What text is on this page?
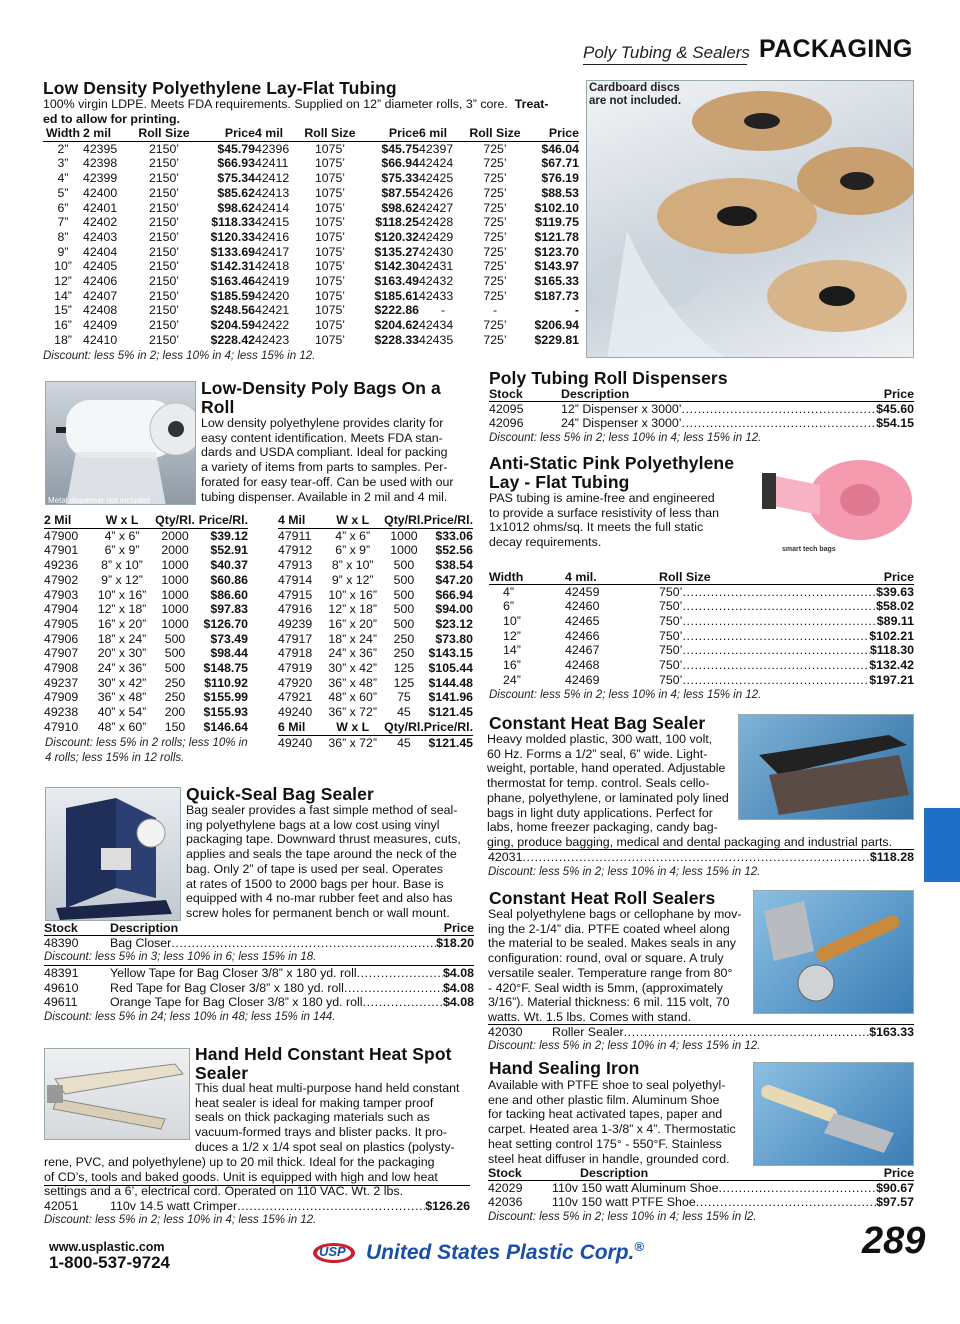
Poly Tubing & Sealers PACKAGING
Low Density Polyethylene Lay-Flat Tubing
100% virgin LDPE. Meets FDA requirements. Supplied on 12” diameter rolls, 3” core. Treat-
ed to allow for printing.
Width	2 mil	Roll Size	Price	4 mil	Roll Size	Price	6 mil	Roll Size	Price
2”	42395	2150’	$45.79	42396	1075’	$45.75	42397	725’	$46.04
3”	42398	2150’	$66.93	42411	1075’	$66.94	42424	725’	$67.71
4”	42399	2150’	$75.34	42412	1075’	$75.33	42425	725’	$76.19
5”	42400	2150’	$85.62	42413	1075’	$87.55	42426	725’	$88.53
6”	42401	2150’	$98.62	42414	1075’	$98.62	42427	725’	$102.10
7”	42402	2150’	$118.33	42415	1075’	$118.25	42428	725’	$119.75
8”	42403	2150’	$120.33	42416	1075’	$120.32	42429	725’	$121.78
9”	42404	2150’	$133.69	42417	1075’	$135.27	42430	725’	$123.70
10”	42405	2150’	$142.31	42418	1075’	$142.30	42431	725’	$143.97
12”	42406	2150’	$163.46	42419	1075’	$163.49	42432	725’	$165.33
14”	42407	2150’	$185.59	42420	1075’	$185.61	42433	725’	$187.73
15”	42408	2150’	$248.56	42421	1075’	$222.86	-	-	-
16”	42409	2150’	$204.59	42422	1075’	$204.62	42434	725’	$206.94
18”	42410	2150’	$228.42	42423	1075’	$228.33	42435	725’	$229.81
Discount: less 5% in 2; less 10% in 4; less 15% in 12.
Cardboard discs are not included.
Metal dispenser not included
Low-Density Poly Bags On a Roll
Low density polyethylene provides clarity for
easy content identification. Meets FDA stan-
dards and USDA compliant. Ideal for packing
a variety of items from parts to samples. Per-
forated for easy tear-off. Can be used with our
tubing dispenser. Available in 2 mil and 4 mil.
2 Mil	W x L	Qty/Rl.	Price/Rl.
47900	4” x 6”	2000	$39.12
47901	6” x 9”	2000	$52.91
49236	8” x 10”	1000	$40.37
47902	9” x 12”	1000	$60.86
47903	10” x 16”	1000	$86.60
47904	12” x 18”	1000	$97.83
47905	16” x 20”	1000	$126.70
47906	18” x 24”	500	$73.49
47907	20” x 30”	500	$98.44
47908	24” x 36”	500	$148.75
49237	30” x 42”	250	$110.92
47909	36” x 48”	250	$155.99
49238	40” x 54”	200	$155.93
47910	48” x 60”	150	$146.64
4 Mil	W x L	Qty/Rl.	Price/Rl.
47911	4” x 6”	1000	$33.06
47912	6” x 9”	1000	$52.56
47913	8” x 10”	500	$38.54
47914	9” x 12”	500	$47.20
47915	10” x 16”	500	$66.94
47916	12” x 18”	500	$94.00
49239	16” x 20”	500	$23.12
47917	18” x 24”	250	$73.80
47918	24” x 36”	250	$143.15
47919	30” x 42”	125	$105.44
47920	36” x 48”	125	$144.48
47921	48” x 60”	75	$141.96
49240	36” x 72”	45	$121.45
6 Mil	W x L	Qty/Rl.	Price/Rl.
49240	36” x 72”	45	$121.45
Discount: less 5% in 2 rolls; less 10% in
4 rolls; less 15% in 12 rolls.
Quick-Seal Bag Sealer
Bag sealer provides a fast simple method of seal-
ing polyethylene bags at a low cost using vinyl
packaging tape. Downward thrust measures, cuts,
applies and seals the tape around the neck of the
bag. Only 2” of tape is used per seal. Operates
at rates of 1500 to 2000 bags per hour. Base is
equipped with 4 no-mar rubber feet and also has
screw holes for permanent bench or wall mount.
Stock	Description	Price
48390	Bag Closer .....	$18.20
Discount: less 5% in 3; less 10% in 6; less 15% in 18.
48391	Yellow Tape for Bag Closer 3/8” x 180 yd. roll .....	$4.08
49610	Red Tape for Bag Closer 3/8” x 180 yd. roll .....	$4.08
49611	Orange Tape for Bag Closer 3/8” x 180 yd. roll .....	$4.08
Discount: less 5% in 24; less 10% in 48; less 15% in 144.
Hand Held Constant Heat Spot
Sealer
This dual heat multi-purpose hand held constant
heat sealer is ideal for making tamper proof
seals on thick packaging materials such as
vacuum-formed trays and blister packs. It pro-
duces a 1/2 x 1/4 spot seal on plastics (polysty-
rene, PVC, and polyethylene) up to 20 mil thick. Ideal for the packaging
of CD’s, tools and baked goods. Unit is equipped with high and low heat
settings and a 6’, electrical cord. Operated on 110 VAC. Wt. 2 lbs.
42051	110v 14.5 watt Crimper .....	$126.26
Discount: less 5% in 2; less 10% in 4; less 15% in 12.
Poly Tubing Roll Dispensers
Stock	Description	Price
42095	12” Dispenser x 3000’ .....	$45.60
42096	24” Dispenser x 3000’ .....	$54.15
Discount: less 5% in 2; less 10% in 4; less 15% in 12.
Anti-Static Pink Polyethylene
Lay - Flat Tubing
PAS tubing is amine-free and engineered
to provide a surface resistivity of less than
1x1012 ohms/sq. It meets the full static
decay requirements.
smart tech bags
Width	4 mil.	Roll Size	Price
4”	42459	750’ .....	$39.63
6”	42460	750’ .....	$58.02
10”	42465	750’ .....	$89.11
12”	42466	750’ .....	$102.21
14”	42467	750’ .....	$118.30
16”	42468	750’ .....	$132.42
24”	42469	750’ .....	$197.21
Discount: less 5% in 2; less 10% in 4; less 15% in 12.
Constant Heat Bag Sealer
Heavy molded plastic, 300 watt, 100 volt,
60 Hz. Forms a 1/2” seal, 6” wide. Light-
weight, portable, hand operated. Adjustable
thermostat for temp. control. Seals cello-
phane, polyethylene, or laminated poly lined
bags in light duty applications. Perfect for
labs, home freezer packaging, candy bag-
ging, produce bagging, medical and dental packaging and industrial parts.
42031 .....	$118.28
Discount: less 5% in 2; less 10% in 4; less 15% in 12.
Constant Heat Roll Sealers
Seal polyethylene bags or cellophane by mov-
ing the 2-1/4” dia. PTFE coated wheel along
the material to be sealed. Makes seals in any
configuration: round, oval or square. A truly
versatile sealer. Temperature range from 80°
- 420°F. Seal width is 5mm, (approximately
3/16”). Material thickness: 6 mil. 115 volt, 70
watts. Wt. 1.5 lbs. Comes with stand.
42030	Roller Sealer .....	$163.33
Discount: less 5% in 2; less 10% in 4; less 15% in 12.
Hand Sealing Iron
Available with PTFE shoe to seal polyethyl-
ene and other plastic film. Aluminum Shoe
for tacking heat activated tapes, paper and
carpet. Heated area 1-3/8” x 4”. Thermostatic
heat setting control 175° - 550°F. Stainless
steel heat diffuser in handle, grounded cord.
Stock	Description	Price
42029	110v 150 watt Aluminum Shoe .....	$90.67
42036	110v 150 watt PTFE Shoe .....	$97.57
Discount: less 5% in 2; less 10% in 4; less 15% in l2.
www.usplastic.com
1-800-537-9724
USP United States Plastic Corp.®	289
